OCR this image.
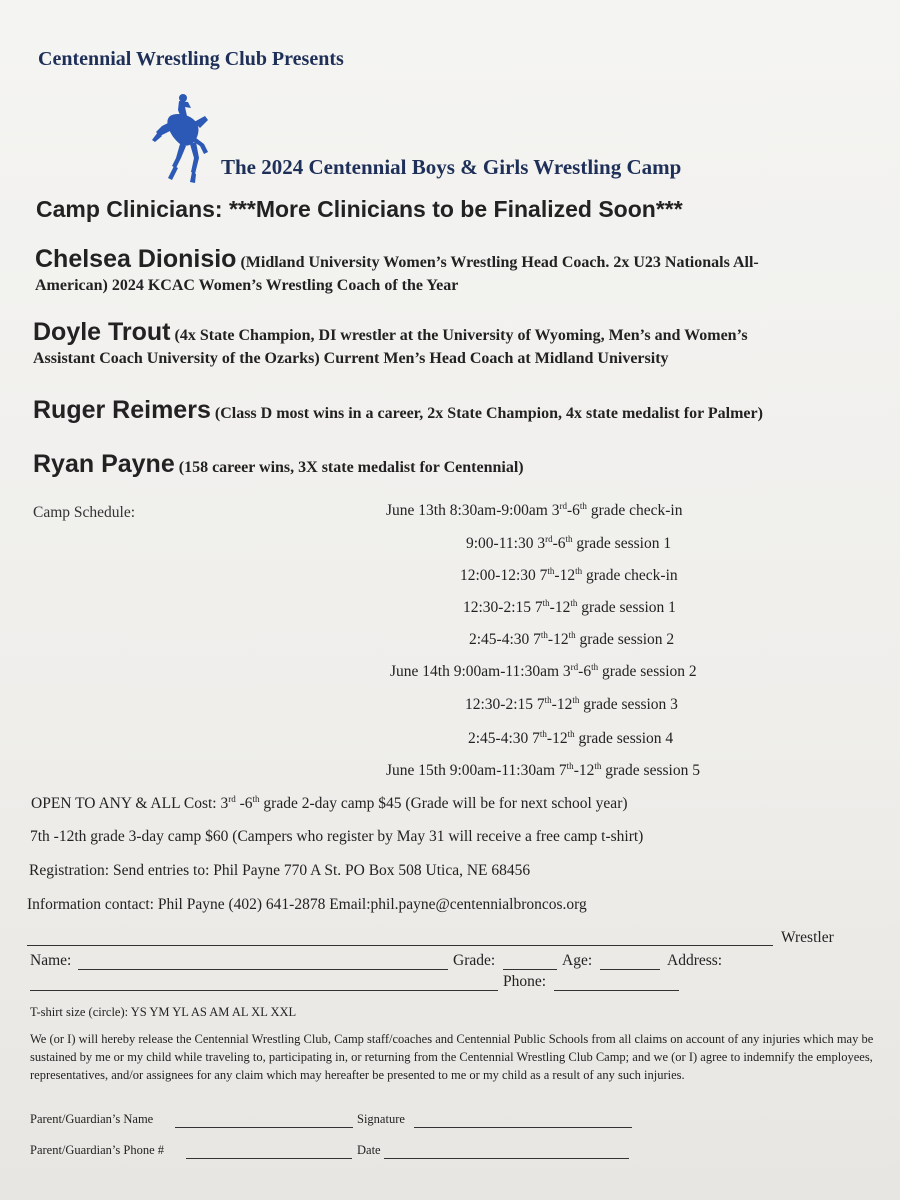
Centennial Wrestling Club Presents
The 2024 Centennial Boys & Girls Wrestling Camp
Camp Clinicians: ***More Clinicians to be Finalized Soon***
Chelsea Dionisio (Midland University Women’s Wrestling Head Coach. 2x U23 Nationals All-
American) 2024 KCAC Women’s Wrestling Coach of the Year
Doyle Trout (4x State Champion, DI wrestler at the University of Wyoming, Men’s and Women’s
Assistant Coach University of the Ozarks) Current Men’s Head Coach at Midland University
Ruger Reimers (Class D most wins in a career, 2x State Champion, 4x state medalist for Palmer)
Ryan Payne (158 career wins, 3X state medalist for Centennial)
Camp Schedule:	June 13th 8:30am-9:00am 3rd-6th grade check-in
9:00-11:30 3rd-6th grade session 1
12:00-12:30 7th-12th grade check-in
12:30-2:15 7th-12th grade session 1
2:45-4:30 7th-12th grade session 2
June 14th 9:00am-11:30am 3rd-6th grade session 2
12:30-2:15 7th-12th grade session 3
2:45-4:30 7th-12th grade session 4
June 15th 9:00am-11:30am 7th-12th grade session 5
OPEN TO ANY & ALL Cost: 3rd -6th grade 2-day camp $45 (Grade will be for next school year)
7th -12th grade 3-day camp $60 (Campers who register by May 31 will receive a free camp t-shirt)
Registration: Send entries to: Phil Payne 770 A St. PO Box 508 Utica, NE 68456
Information contact: Phil Payne (402) 641-2878 Email:phil.payne@centennialbroncos.org
Wrestler
Name:	Grade:	Age:	Address:
Phone:
T-shirt size (circle): YS YM YL AS AM AL XL XXL
We (or I) will hereby release the Centennial Wrestling Club, Camp staff/coaches and Centennial Public Schools from all claims on account of any injuries which may be sustained by me or my child while traveling to, participating in, or returning from the Centennial Wrestling Club Camp; and we (or I) agree to indemnify the employees, representatives, and/or assignees for any claim which may hereafter be presented to me or my child as a result of any such injuries.
Parent/Guardian’s Name	Signature
Parent/Guardian’s Phone #	Date
